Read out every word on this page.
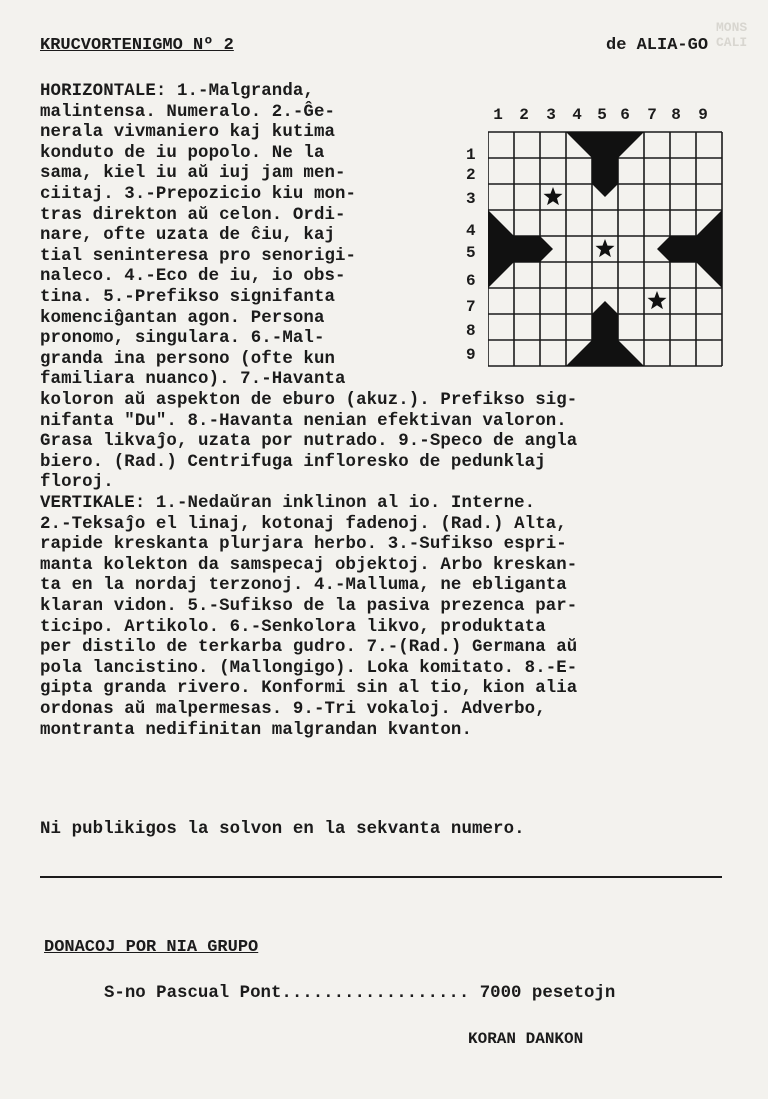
MONS CALI
KRUCVORTENIGMO Nº 2	de ALIA-GO
HORIZONTALE: 1.-Malgranda,
malintensa. Numeralo. 2.-Ĝe-
nerala vivmaniero kaj kutima
konduto de iu popolo. Ne la
sama, kiel iu aŭ iuj jam men-
ciitaj. 3.-Prepozicio kiu mon-
tras direkton aŭ celon. Ordi-
nare, ofte uzata de ĉiu, kaj
tial seninteresa pro senorigi-
naleco. 4.-Eco de iu, io obs-
tina. 5.-Prefikso signifanta
komenciĝantan agon. Persona
pronomo, singulara. 6.-Mal-
granda ina persono (ofte kun
familiara nuanco). 7.-Havanta
koloron aŭ aspekton de eburo (akuz.). Prefikso sig-
nifanta "Du". 8.-Havanta nenian efektivan valoron.
Grasa likvaĵo, uzata por nutrado. 9.-Speco de angla
biero. (Rad.) Centrifuga infloresko de pedunklaj
floroj.
VERTIKALE: 1.-Nedaŭran inklinon al io. Interne.
2.-Teksaĵo el linaj, kotonaj fadenoj. (Rad.) Alta,
rapide kreskanta plurjara herbo. 3.-Sufikso espri-
manta kolekton da samspecaj objektoj. Arbo kreskan-
ta en la nordaj terzonoj. 4.-Malluma, ne ebliganta
klaran vidon. 5.-Sufikso de la pasiva prezenca par-
ticipo. Artikolo. 6.-Senkolora likvo, produktata
per distilo de terkarba gudro. 7.-(Rad.) Germana aŭ
pola lancistino. (Mallongigo). Loka komitato. 8.-E-
gipta granda rivero. Konformi sin al tio, kion alia
ordonas aŭ malpermesas. 9.-Tri vokaloj. Adverbo,
montranta nedifinitan malgrandan kvanton.
Ni publikigos la solvon en la sekvanta numero.
1	2	3	4 5 6	7 8	9
1
2
3
4
5
6
7
8
9
DONACOJ POR NIA GRUPO
S-no Pascual Pont.................. 7000 pesetojn
KORAN DANKON
